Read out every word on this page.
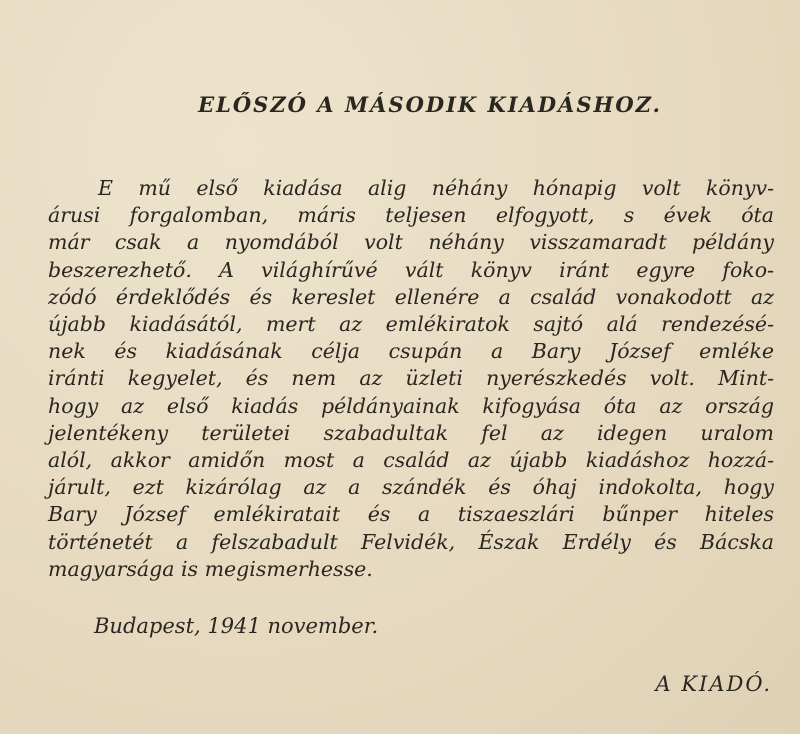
ELŐSZÓ A MÁSODIK KIADÁSHOZ.
E mű első kiadása alig néhány hónapig volt könyv-
árusi forgalomban, máris teljesen elfogyott, s évek óta
már csak a nyomdából volt néhány visszamaradt példány
beszerezhető. A világhírűvé vált könyv iránt egyre foko-
zódó érdeklődés és kereslet ellenére a család vonakodott az
újabb kiadásától, mert az emlékiratok sajtó alá rendezésé-
nek és kiadásának célja csupán a Bary József emléke
iránti kegyelet, és nem az üzleti nyerészkedés volt. Mint-
hogy az első kiadás példányainak kifogyása óta az ország
jelentékeny területei szabadultak fel az idegen uralom
alól, akkor amidőn most a család az újabb kiadáshoz hozzá-
járult, ezt kizárólag az a szándék és óhaj indokolta, hogy
Bary József emlékiratait és a tiszaeszlári bűnper hiteles
történetét a felszabadult Felvidék, Észak Erdély és Bácska
magyarsága is megismerhesse.
Budapest, 1941 november.
A KIADÓ.
